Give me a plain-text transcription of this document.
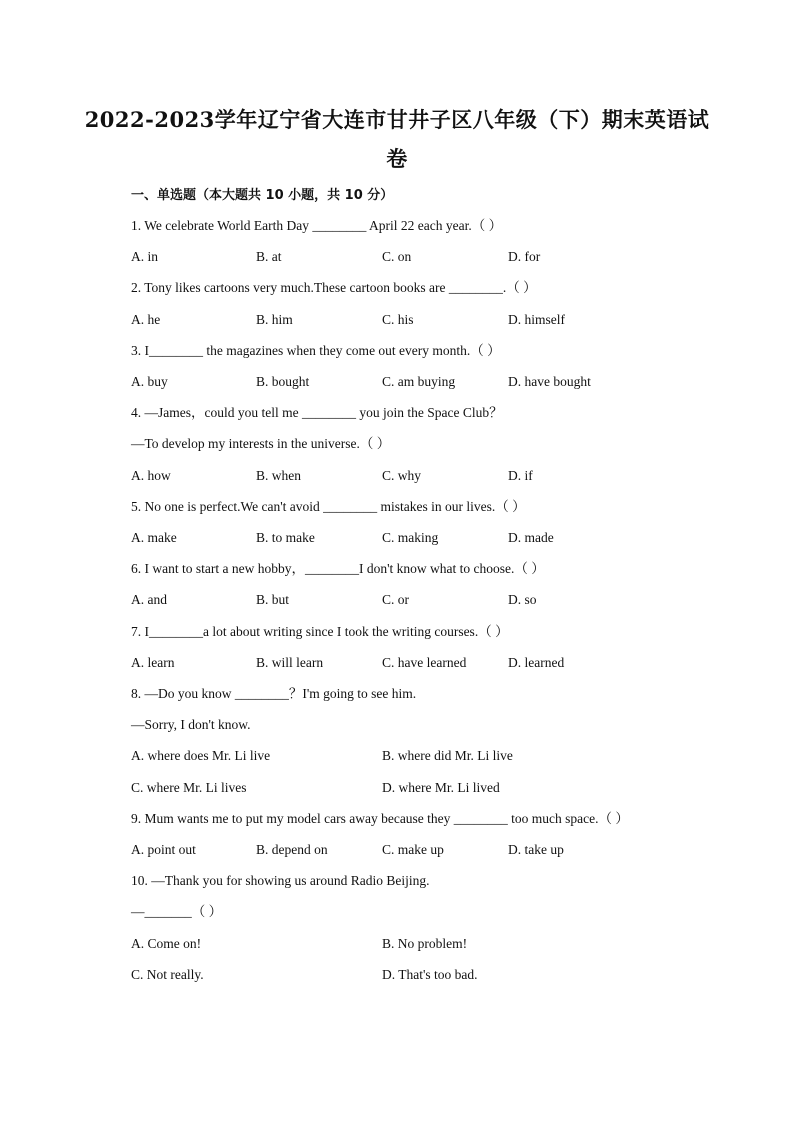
2022-2023学年辽宁省大连市甘井子区八年级（下）期末英语试
卷
一、单选题（本大题共 10 小题，共 10 分）
1. We celebrate World Earth Day ________ April 22 each year.（ ）
A. in	B. at	C. on	D. for
2. Tony likes cartoons very much.These cartoon books are ________.（ ）
A. he	B. him	C. his	D. himself
3. I________ the magazines when they come out every month.（ ）
A. buy	B. bought	C. am buying	D. have bought
4. —James，could you tell me ________ you join the Space Club？
—To develop my interests in the universe.（ ）
A. how	B. when	C. why	D. if
5. No one is perfect.We can't avoid ________ mistakes in our lives.（ ）
A. make	B. to make	C. making	D. made
6. I want to start a new hobby，________I don't know what to choose.（ ）
A. and	B. but	C. or	D. so
7. I________a lot about writing since I took the writing courses.（ ）
A. learn	B. will learn	C. have learned	D. learned
8. —Do you know ________？I'm going to see him.
—Sorry, I don't know.
A. where does Mr. Li live	B. where did Mr. Li live
C. where Mr. Li lives	D. where Mr. Li lived
9. Mum wants me to put my model cars away because they ________ too much space.（ ）
A. point out	B. depend on	C. make up	D. take up
10. —Thank you for showing us around Radio Beijing.
—_______（ ）
A. Come on!	B. No problem!
C. Not really.	D. That's too bad.
